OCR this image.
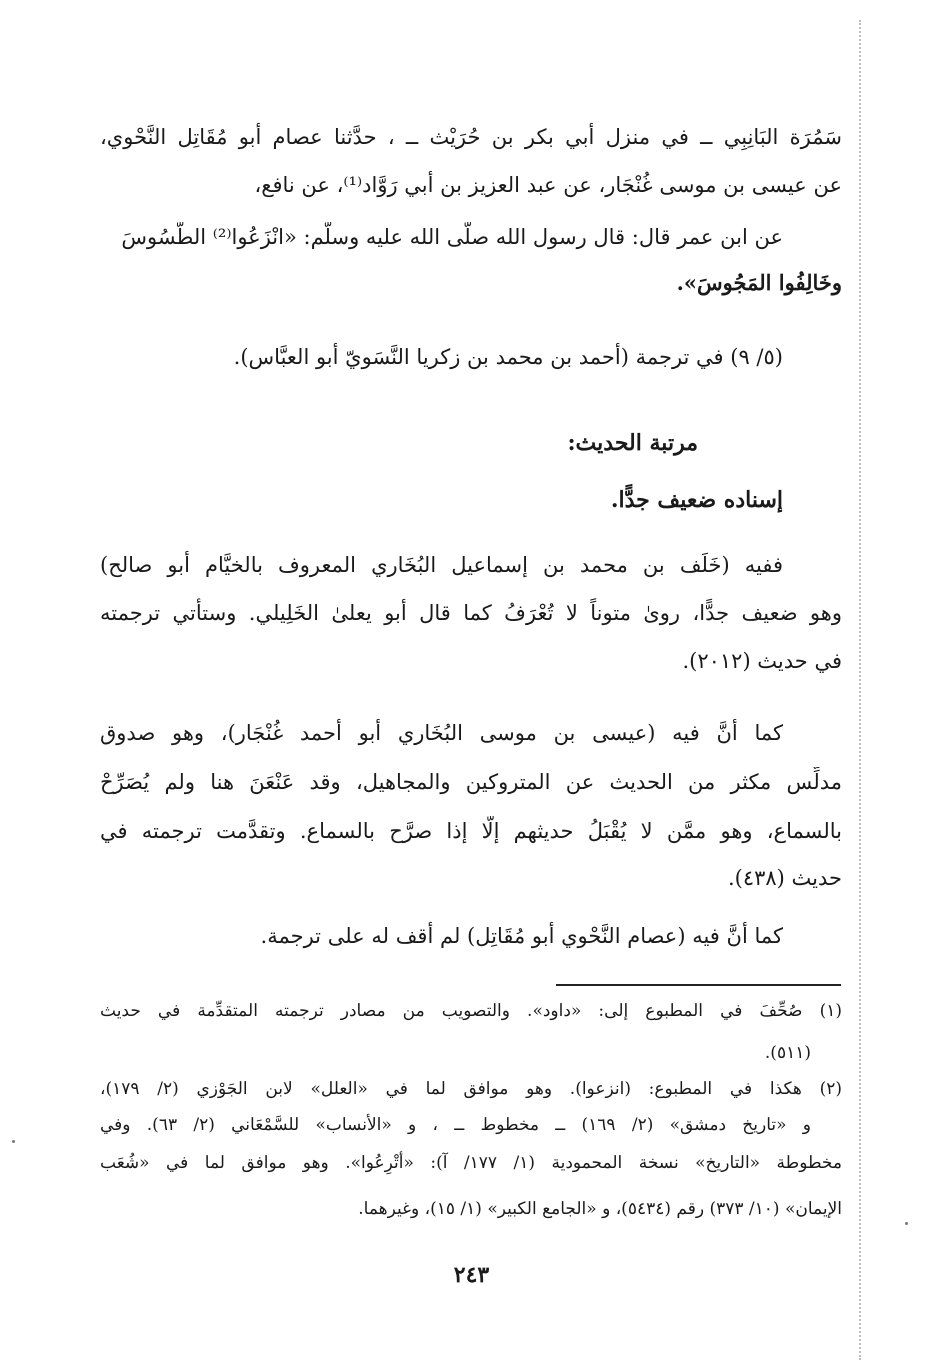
سَمُرَة البَانِبِي ــ في منزل أبي بكر بن حُرَيْث ــ ، حدَّثنا عصام أبو مُقَاتِل النَّحْوي،
عن عيسى بن موسى غُنْجَار، عن عبد العزيز بن أبي رَوَّاد⁽¹⁾، عن نافع،
عن ابن عمر قال: قال رسول الله صلَّى الله عليه وسلَّم: «انْزَعُوا⁽²⁾ الطُّسُوسَ
وخَالِفُوا المَجُوسَ».
(٥/ ٩) في ترجمة (أحمد بن محمد بن زكريا النَّسَويّ أبو العبَّاس).
مرتبة الحديث:
إسناده ضعيف جدًّا.
ففيه (خَلَف بن محمد بن إسماعيل البُخَاري المعروف بالخيَّام أبو صالح)
وهو ضعيف جدًّا، روىٰ متوناً لا تُعْرَفُ كما قال أبو يعلىٰ الخَلِيلي. وستأتي ترجمته
في حديث (٢٠١٢).
كما أنَّ فيه (عيسى بن موسى البُخَاري أبو أحمد غُنْجَار)، وهو صدوق
مدلِّس مكثر من الحديث عن المتروكين والمجاهيل، وقد عَنْعَنَ هنا ولم يُصَرِّحْ
بالسماع، وهو ممَّن لا يُقْبَلُ حديثهم إلَّا إذا صرَّح بالسماع. وتقدَّمت ترجمته في
حديث (٤٣٨).
كما أنَّ فيه (عصام النَّحْوي أبو مُقَاتِل) لم أقف له على ترجمة.
(١) صُحِّفَ في المطبوع إلى: «داود». والتصويب من مصادر ترجمته المتقدِّمة في حديث
(٥١١).
(٢) هكذا في المطبوع: (انزعوا). وهو موافق لما في «العلل» لابن الجَوْزي (٢/ ١٧٩)،
و «تاريخ دمشق» (٢/ ١٦٩) ــ مخطوط ــ ، و «الأنساب» للسَّمْعَاني (٢/ ٦٣). وفي
مخطوطة «التاريخ» نسخة المحمودية (١/ ١٧٧/ آ): «أتْرِعُوا». وهو موافق لما في «شُعَب
الإيمان» (١٠/ ٣٧٣) رقم (٥٤٣٤)، و «الجامع الكبير» (١/ ١٥)، وغيرهما.
٢٤٣
